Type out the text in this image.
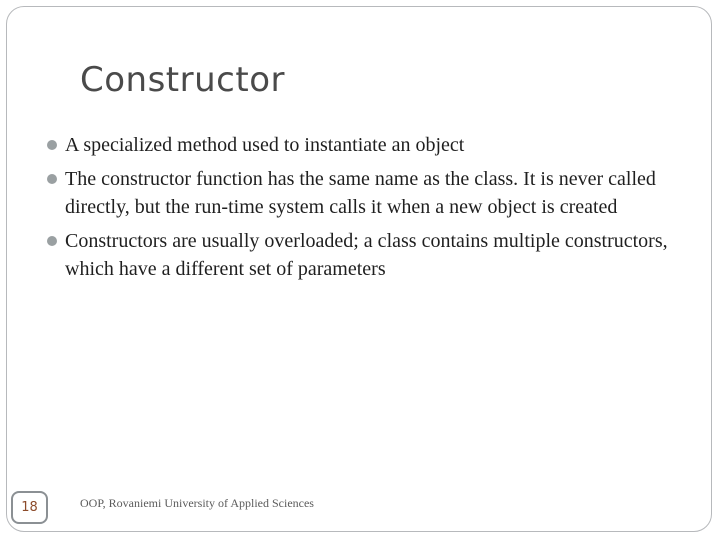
Constructor
A specialized method used to instantiate an object
The constructor function has the same name as the class. It is never called directly, but the run-time system calls it when a new object is created
Constructors are usually overloaded; a class contains multiple constructors, which have a different set of parameters
18	OOP, Rovaniemi University of Applied Sciences
